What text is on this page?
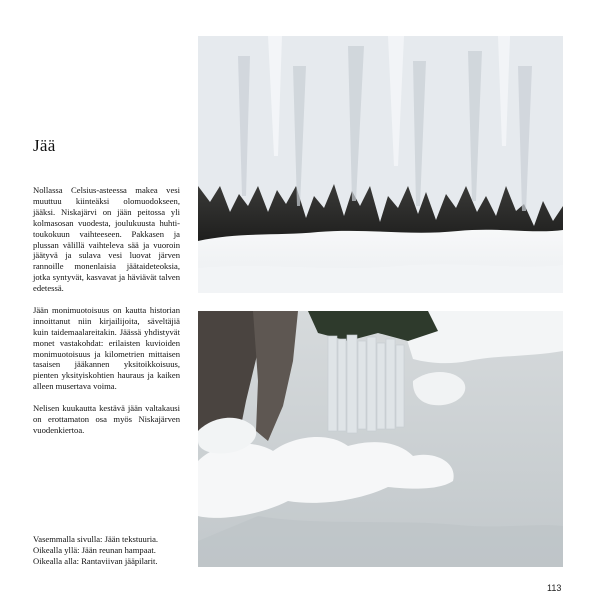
Jää

Nollassa Celsius-asteessa makea vesi muuttuu kiinteäksi olomuodokseen, jääksi. Niskajärvi on jään peitossa yli kolmasosan vuodesta, joulukuusta huhti-toukokuun vaihteeseen. Pakkasen ja plussan välillä vaihteleva sää ja vuoroin jäätyvä ja sulava vesi luovat järven rannoille monenlaisia jäätaideteoksia, jotka syntyvät, kasvavat ja häviävät talven edetessä.

Jään monimuotoisuus on kautta historian innoittanut niin kirjailijoita, säveltäjiä kuin taidemaalareitakin. Jäässä yhdistyvät monet vastakohdat: erilaisten kuvioiden monimuotoisuus ja kilometrien mittaisen tasaisen jääkannen yksitoikkoisuus, pienten yksityiskohtien hauraus ja kaiken alleen musertava voima.

Nelisen kuukautta kestävä jään valtakausi on erottamaton osa myös Niskajärven vuodenkiertoa.

Vasemmalla sivulla: Jään tekstuuria.
Oikealla yllä: Jään reunan hampaat.
Oikealla alla: Rantaviivan jääpilarit.
113
